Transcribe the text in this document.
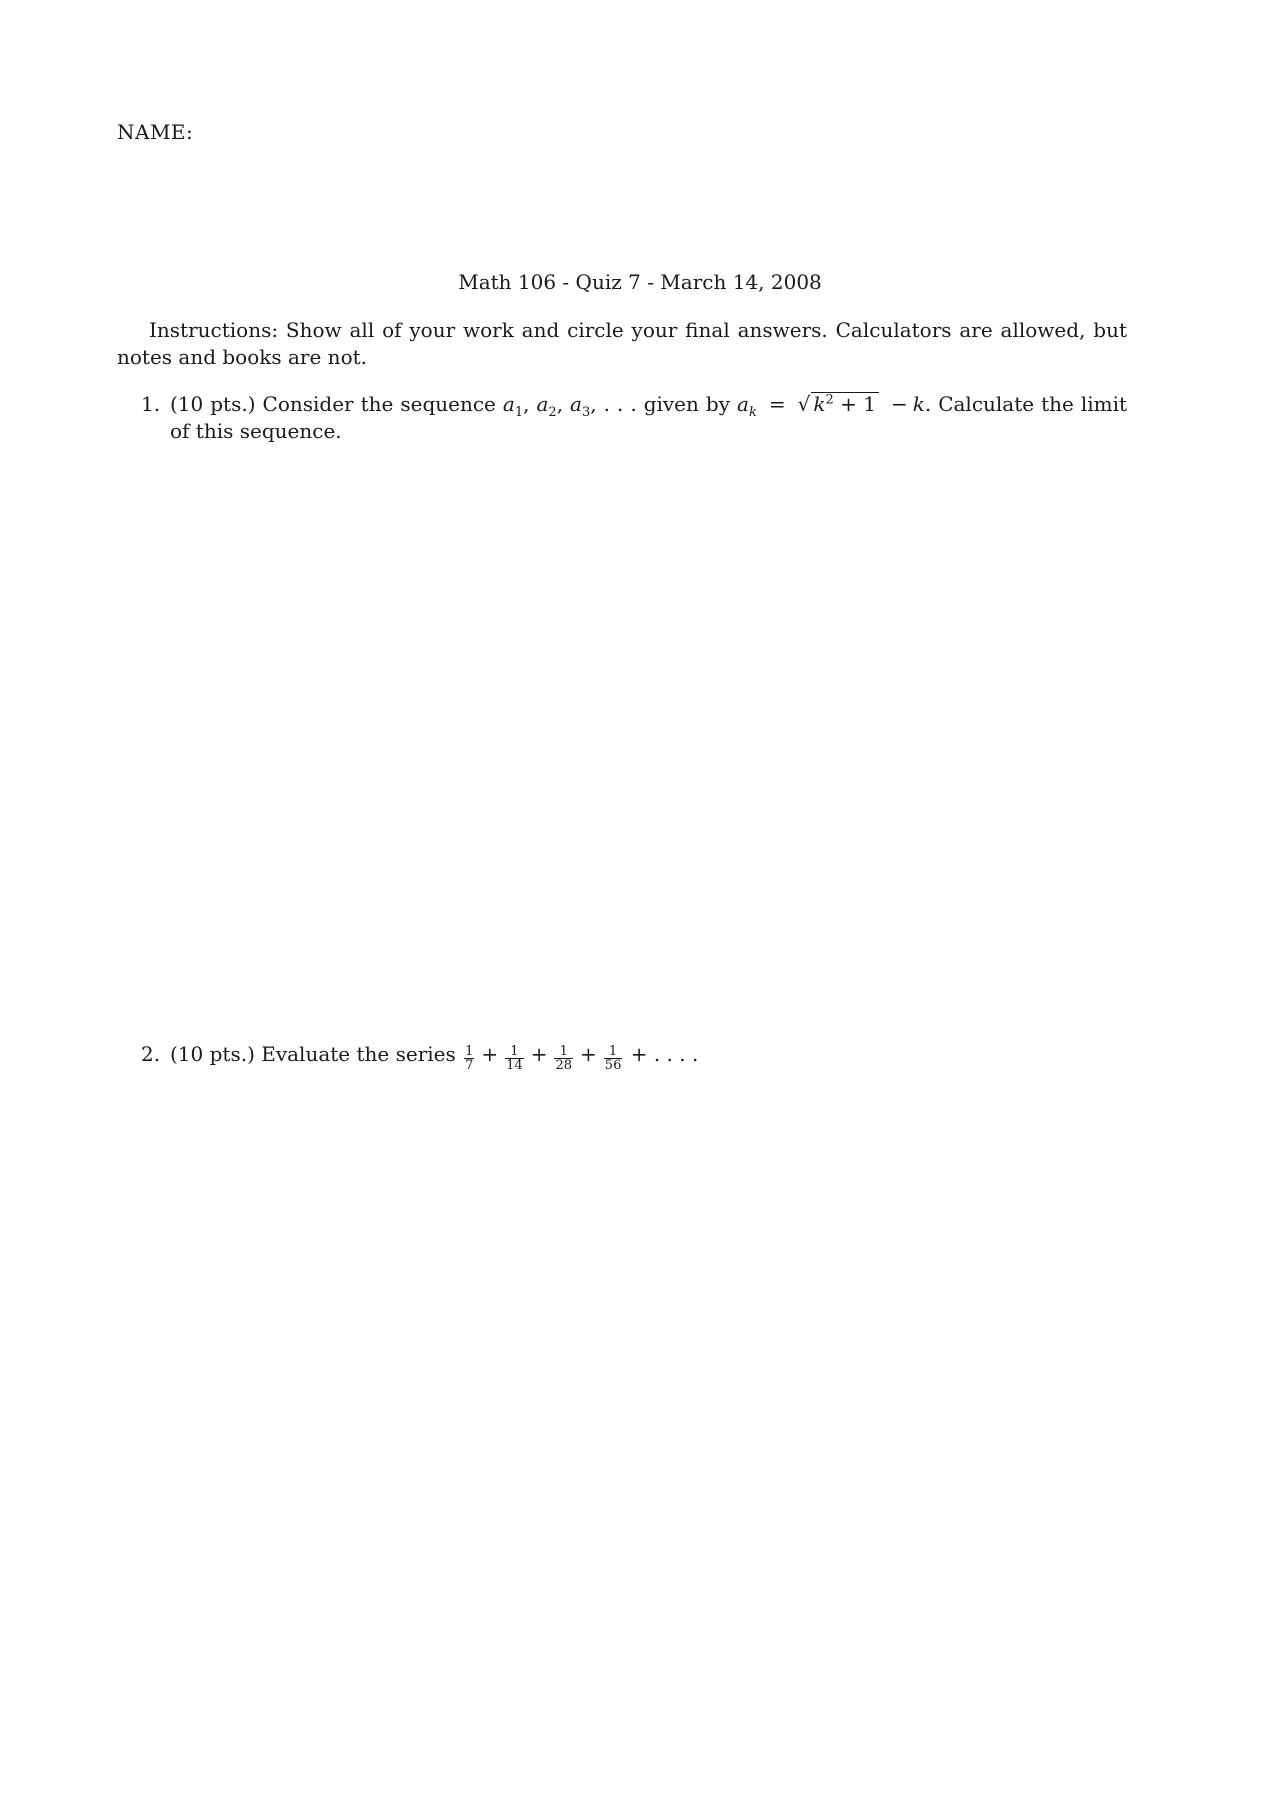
NAME:
Math 106 - Quiz 7 - March 14, 2008
Instructions: Show all of your work and circle your final answers. Calculators are allowed, but notes and books are not.
1. (10 pts.) Consider the sequence $a_1$, $a_2$, $a_3$, . . . given by $a_k$ = √ $k^2 + 1 - k$. Calculate the limit of this sequence.
2. (10 pts.) Evaluate the series $\frac{1}{7} + \frac{1}{14} + \frac{1}{28} + \frac{1}{56}$ + . . . .
